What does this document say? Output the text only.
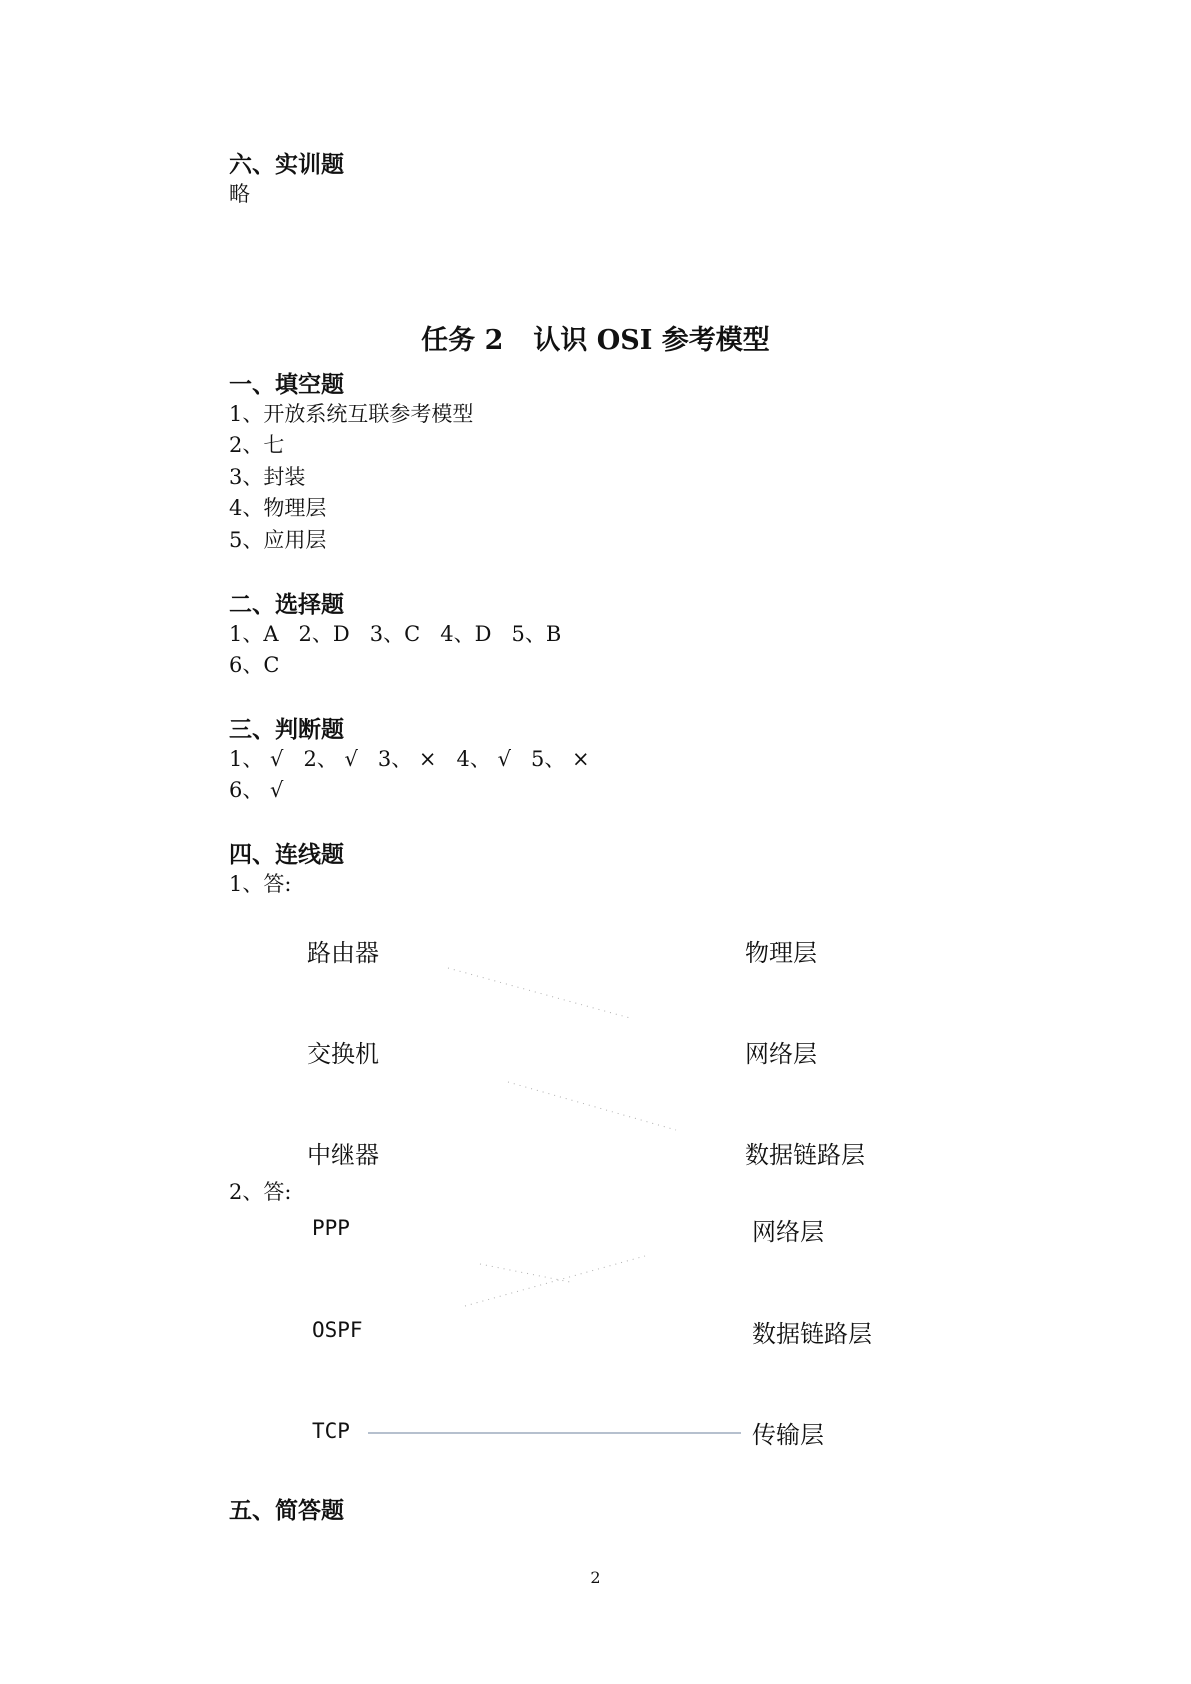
六、实训题
略
任务 2 认识 OSI 参考模型
一、填空题
1、开放系统互联参考模型
2、七
3、封装
4、物理层
5、应用层
二、选择题
1、A   2、D   3、C   4、D   5、B
6、C
三、判断题
1、 √   2、 √   3、 ×   4、 √   5、 ×
6、 √
四、连线题
1、答:
路由器
交换机
中继器
物理层
网络层
数据链路层
2、答:
PPP
OSPF
TCP
网络层
数据链路层
传输层
五、简答题
2
